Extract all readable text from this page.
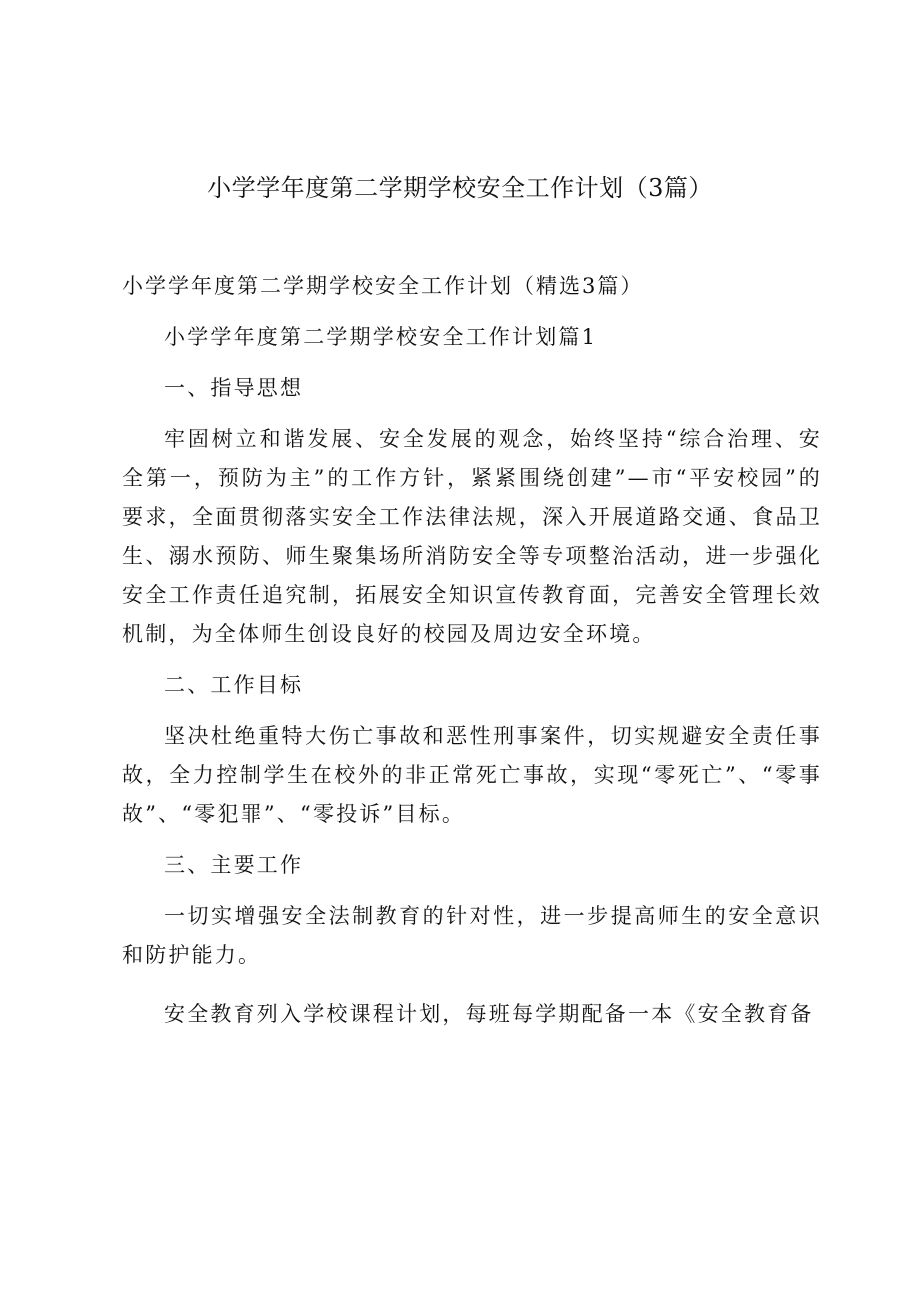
小学学年度第二学期学校安全工作计划（3篇）
小学学年度第二学期学校安全工作计划（精选3篇）

小学学年度第二学期学校安全工作计划篇1

一、指导思想

牢固树立和谐发展、安全发展的观念，始终坚持“综合治理、安全第一，预防为主”的工作方针，紧紧围绕创建”—市“平安校园”的要求，全面贯彻落实安全工作法律法规，深入开展道路交通、食品卫生、溺水预防、师生聚集场所消防安全等专项整治活动，进一步强化安全工作责任追究制，拓展安全知识宣传教育面，完善安全管理长效机制，为全体师生创设良好的校园及周边安全环境。

二、工作目标

坚决杜绝重特大伤亡事故和恶性刑事案件，切实规避安全责任事故，全力控制学生在校外的非正常死亡事故，实现“零死亡”、“零事故”、“零犯罪”、“零投诉”目标。

三、主要工作

一切实增强安全法制教育的针对性，进一步提高师生的安全意识和防护能力。

安全教育列入学校课程计划，每班每学期配备一本《安全教育备
